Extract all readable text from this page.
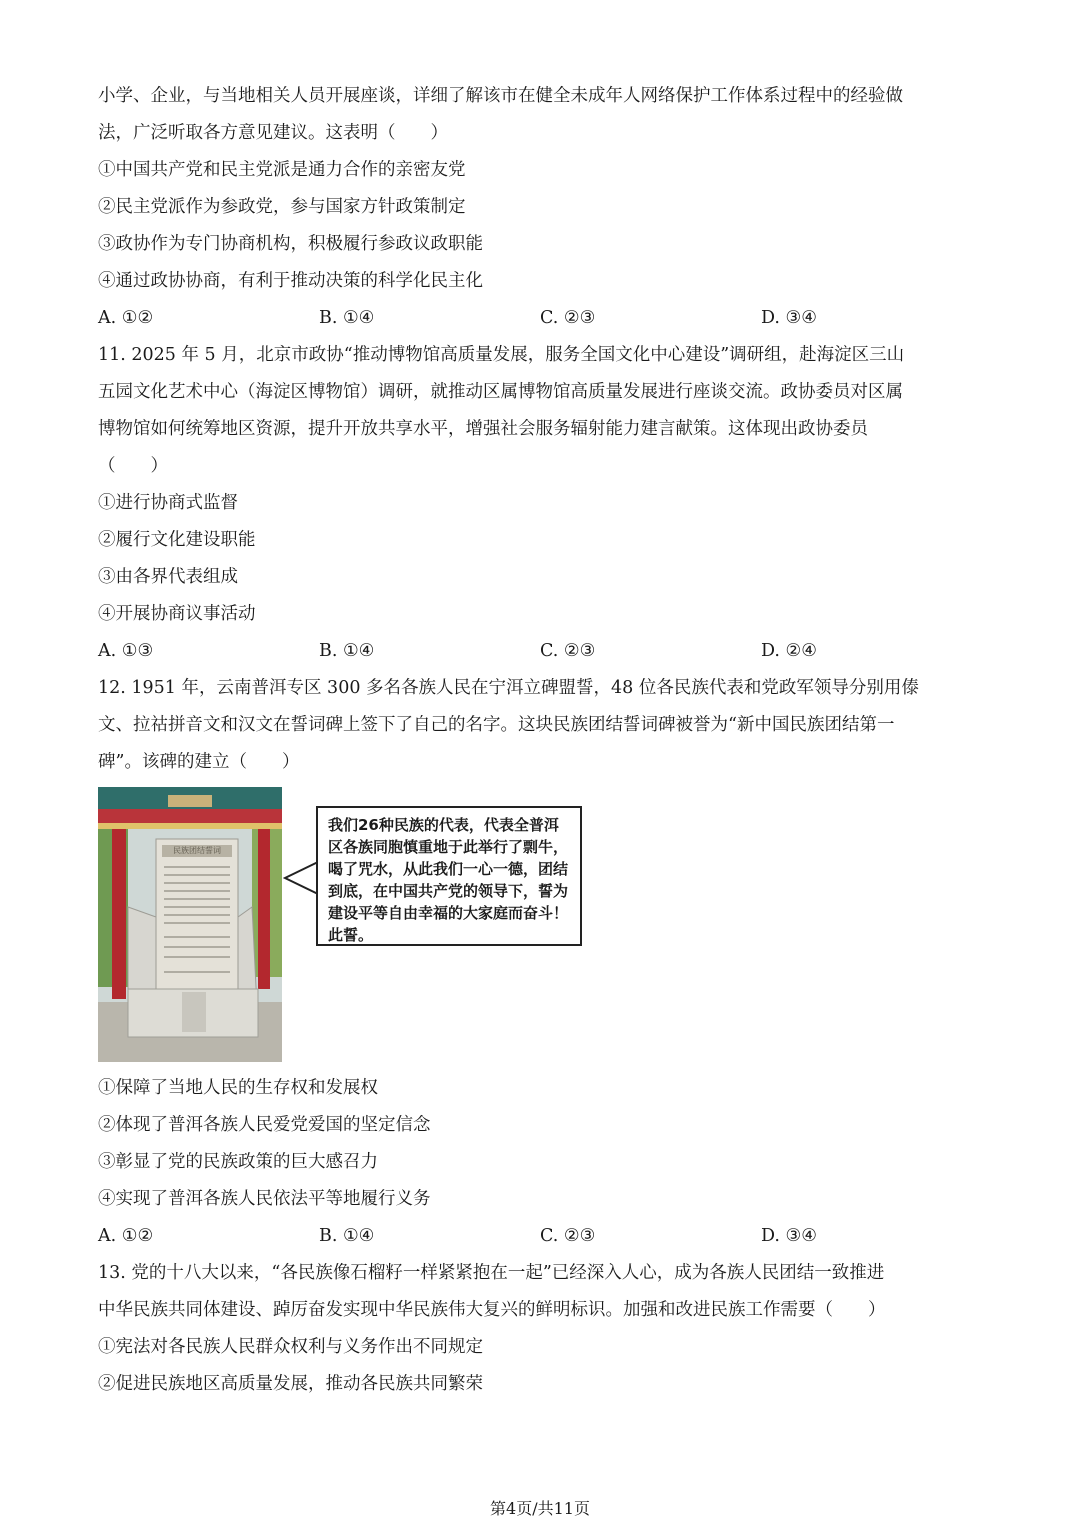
小学、企业，与当地相关人员开展座谈，详细了解该市在健全未成年人网络保护工作体系过程中的经验做
法，广泛听取各方意见建议。这表明（　　）
①中国共产党和民主党派是通力合作的亲密友党
②民主党派作为参政党，参与国家方针政策制定
③政协作为专门协商机构，积极履行参政议政职能
④通过政协协商，有利于推动决策的科学化民主化
A. ①②	B. ①④	C. ②③	D. ③④
11. 2025 年 5 月，北京市政协“推动博物馆高质量发展，服务全国文化中心建设”调研组，赴海淀区三山
五园文化艺术中心（海淀区博物馆）调研，就推动区属博物馆高质量发展进行座谈交流。政协委员对区属
博物馆如何统筹地区资源，提升开放共享水平，增强社会服务辐射能力建言献策。这体现出政协委员
（　　）
①进行协商式监督
②履行文化建设职能
③由各界代表组成
④开展协商议事活动
A. ①③	B. ①④	C. ②③	D. ②④
12. 1951 年，云南普洱专区 300 多名各族人民在宁洱立碑盟誓，48 位各民族代表和党政军领导分别用傣
文、拉祜拼音文和汉文在誓词碑上签下了自己的名字。这块民族团结誓词碑被誉为“新中国民族团结第一
碑”。该碑的建立（　　）
民族团结誓词
我们26种民族的代表，代表全普洱区各族同胞慎重地于此举行了剽牛，喝了咒水，从此我们一心一德，团结到底，在中国共产党的领导下，誓为建设平等自由幸福的大家庭而奋斗！此誓。
①保障了当地人民的生存权和发展权
②体现了普洱各族人民爱党爱国的坚定信念
③彰显了党的民族政策的巨大感召力
④实现了普洱各族人民依法平等地履行义务
A. ①②	B. ①④	C. ②③	D. ③④
13. 党的十八大以来，“各民族像石榴籽一样紧紧抱在一起”已经深入人心，成为各族人民团结一致推进
中华民族共同体建设、踔厉奋发实现中华民族伟大复兴的鲜明标识。加强和改进民族工作需要（　　）
①宪法对各民族人民群众权利与义务作出不同规定
②促进民族地区高质量发展，推动各民族共同繁荣
第4页/共11页
